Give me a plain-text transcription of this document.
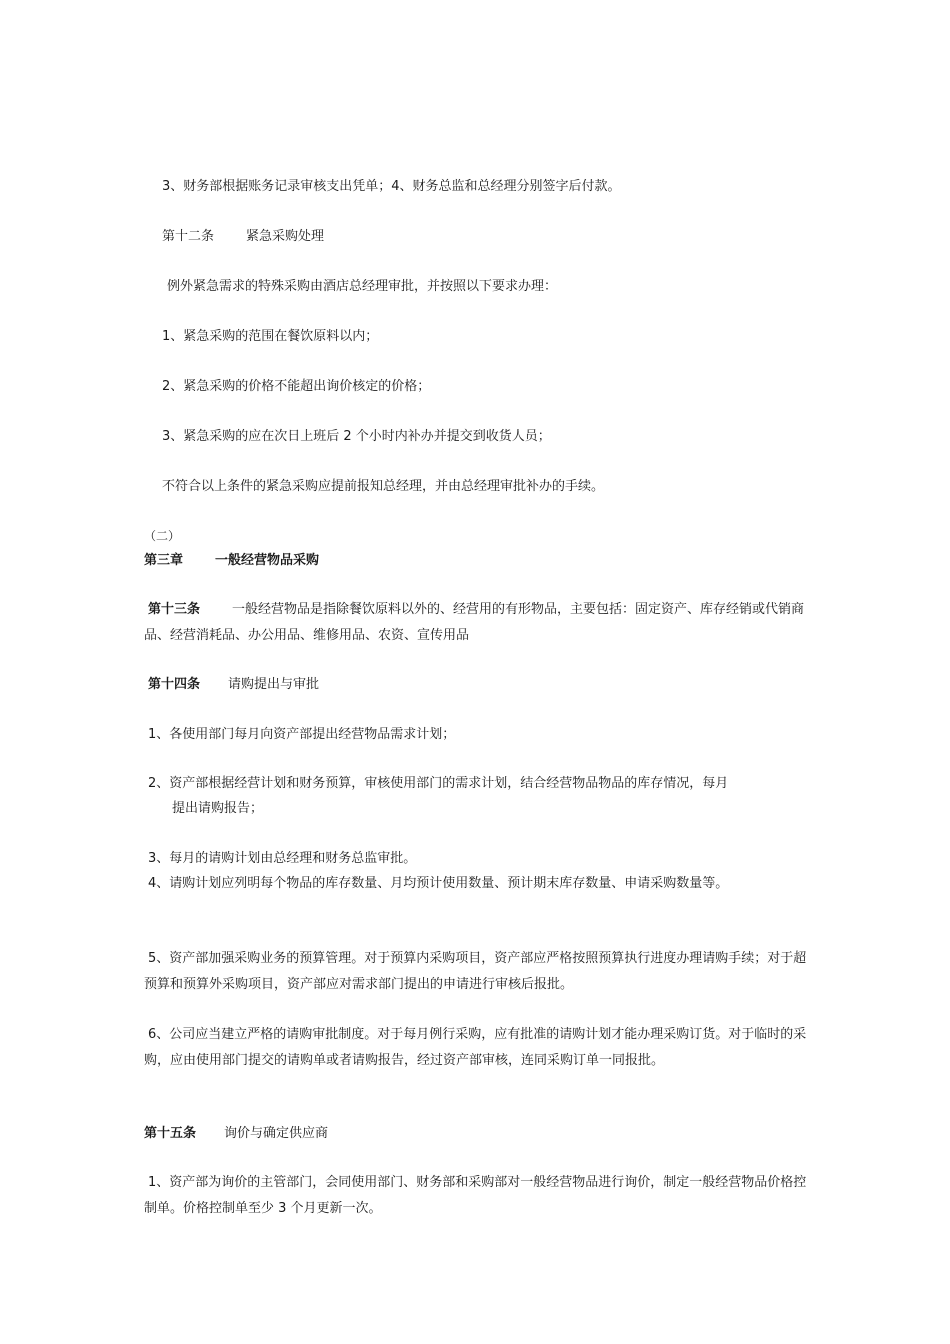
3、财务部根据账务记录审核支出凭单；4、财务总监和总经理分别签字后付款。
第十二条 紧急采购处理
例外紧急需求的特殊采购由酒店总经理审批，并按照以下要求办理：
1、紧急采购的范围在餐饮原料以内；
2、紧急采购的价格不能超出询价核定的价格；
3、紧急采购的应在次日上班后 2 个小时内补办并提交到收货人员；
不符合以上条件的紧急采购应提前报知总经理，并由总经理审批补办的手续。
（二）
第三章 一般经营物品采购
第十三条 一般经营物品是指除餐饮原料以外的、经营用的有形物品，主要包括：固定资产、库存经销或代销商品、经营消耗品、办公用品、维修用品、农资、宣传用品
第十四条 请购提出与审批
1、各使用部门每月向资产部提出经营物品需求计划；
2、资产部根据经营计划和财务预算，审核使用部门的需求计划，结合经营物品物品的库存情况，每月
提出请购报告；
3、每月的请购计划由总经理和财务总监审批。
4、请购计划应列明每个物品的库存数量、月均预计使用数量、预计期末库存数量、申请采购数量等。
5、资产部加强采购业务的预算管理。对于预算内采购项目，资产部应严格按照预算执行进度办理请购手续；对于超预算和预算外采购项目，资产部应对需求部门提出的申请进行审核后报批。
6、公司应当建立严格的请购审批制度。对于每月例行采购，应有批准的请购计划才能办理采购订货。对于临时的采购，应由使用部门提交的请购单或者请购报告，经过资产部审核，连同采购订单一同报批。
第十五条 询价与确定供应商
1、资产部为询价的主管部门，会同使用部门、财务部和采购部对一般经营物品进行询价，制定一般经营物品价格控制单。价格控制单至少 3 个月更新一次。
